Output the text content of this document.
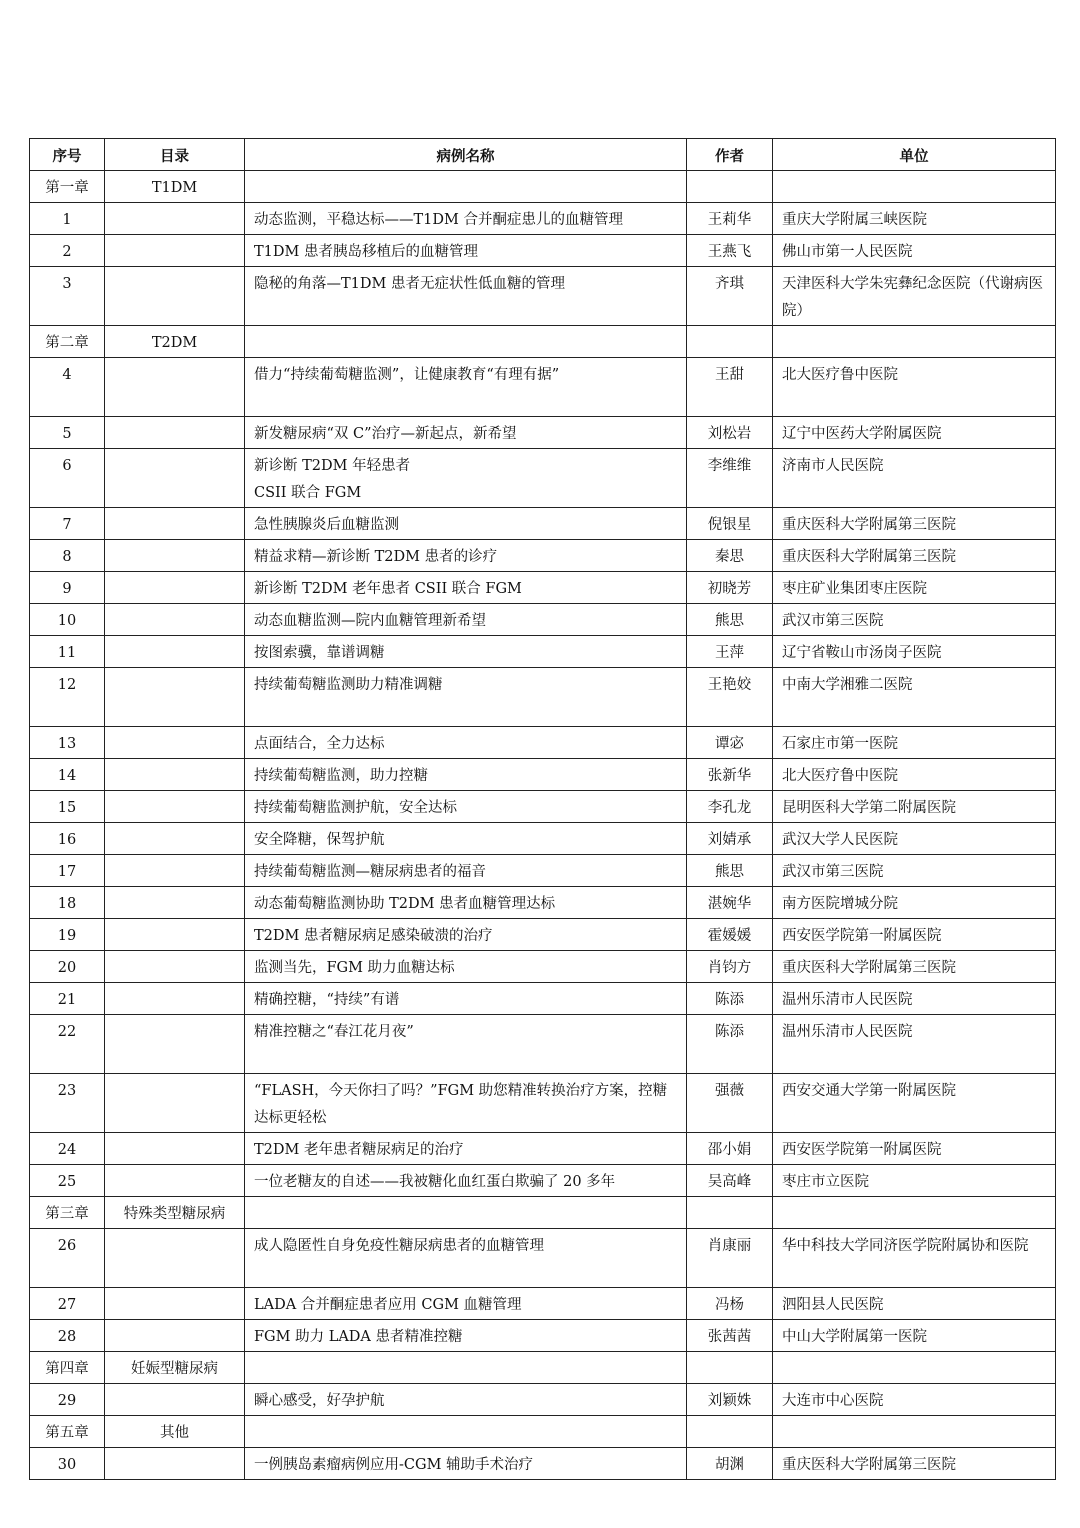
序号	目录	病例名称	作者	单位
第一章	T1DM			
1		动态监测，平稳达标——T1DM 合并酮症患儿的血糖管理	王莉华	重庆大学附属三峡医院
2		T1DM 患者胰岛移植后的血糖管理	王燕飞	佛山市第一人民医院
3		隐秘的角落—T1DM 患者无症状性低血糖的管理	齐琪	天津医科大学朱宪彝纪念医院（代谢病医院）
第二章	T2DM			
4		借力“持续葡萄糖监测”，让健康教育“有理有据”	王甜	北大医疗鲁中医院
5		新发糖尿病“双 C”治疗—新起点，新希望	刘松岩	辽宁中医药大学附属医院
6		新诊断 T2DM 年轻患者
CSII 联合 FGM	李维维	济南市人民医院
7		急性胰腺炎后血糖监测	倪银星	重庆医科大学附属第三医院
8		精益求精—新诊断 T2DM 患者的诊疗	秦思	重庆医科大学附属第三医院
9		新诊断 T2DM 老年患者 CSII 联合 FGM	初晓芳	枣庄矿业集团枣庄医院
10		动态血糖监测—院内血糖管理新希望	熊思	武汉市第三医院
11		按图索骥，靠谱调糖	王萍	辽宁省鞍山市汤岗子医院
12		持续葡萄糖监测助力精准调糖	王艳姣	中南大学湘雅二医院
13		点面结合，全力达标	谭宓	石家庄市第一医院
14		持续葡萄糖监测，助力控糖	张新华	北大医疗鲁中医院
15		持续葡萄糖监测护航，安全达标	李孔龙	昆明医科大学第二附属医院
16		安全降糖，保驾护航	刘婧承	武汉大学人民医院
17		持续葡萄糖监测—糖尿病患者的福音	熊思	武汉市第三医院
18		动态葡萄糖监测协助 T2DM 患者血糖管理达标	湛婉华	南方医院增城分院
19		T2DM 患者糖尿病足感染破溃的治疗	霍媛媛	西安医学院第一附属医院
20		监测当先，FGM 助力血糖达标	肖钧方	重庆医科大学附属第三医院
21		精确控糖，“持续”有谱	陈添	温州乐清市人民医院
22		精准控糖之“春江花月夜”	陈添	温州乐清市人民医院
23		“FLASH，今天你扫了吗？”FGM 助您精准转换治疗方案，控糖达标更轻松	强薇	西安交通大学第一附属医院
24		T2DM 老年患者糖尿病足的治疗	邵小娟	西安医学院第一附属医院
25		一位老糖友的自述——我被糖化血红蛋白欺骗了 20 多年	吴高峰	枣庄市立医院
第三章	特殊类型糖尿病			
26		成人隐匿性自身免疫性糖尿病患者的血糖管理	肖康丽	华中科技大学同济医学院附属协和医院
27		LADA 合并酮症患者应用 CGM 血糖管理	冯杨	泗阳县人民医院
28		FGM 助力 LADA 患者精准控糖	张茜茜	中山大学附属第一医院
第四章	妊娠型糖尿病			
29		瞬心感受，好孕护航	刘颖姝	大连市中心医院
第五章	其他			
30		一例胰岛素瘤病例应用-CGM 辅助手术治疗	胡渊	重庆医科大学附属第三医院
